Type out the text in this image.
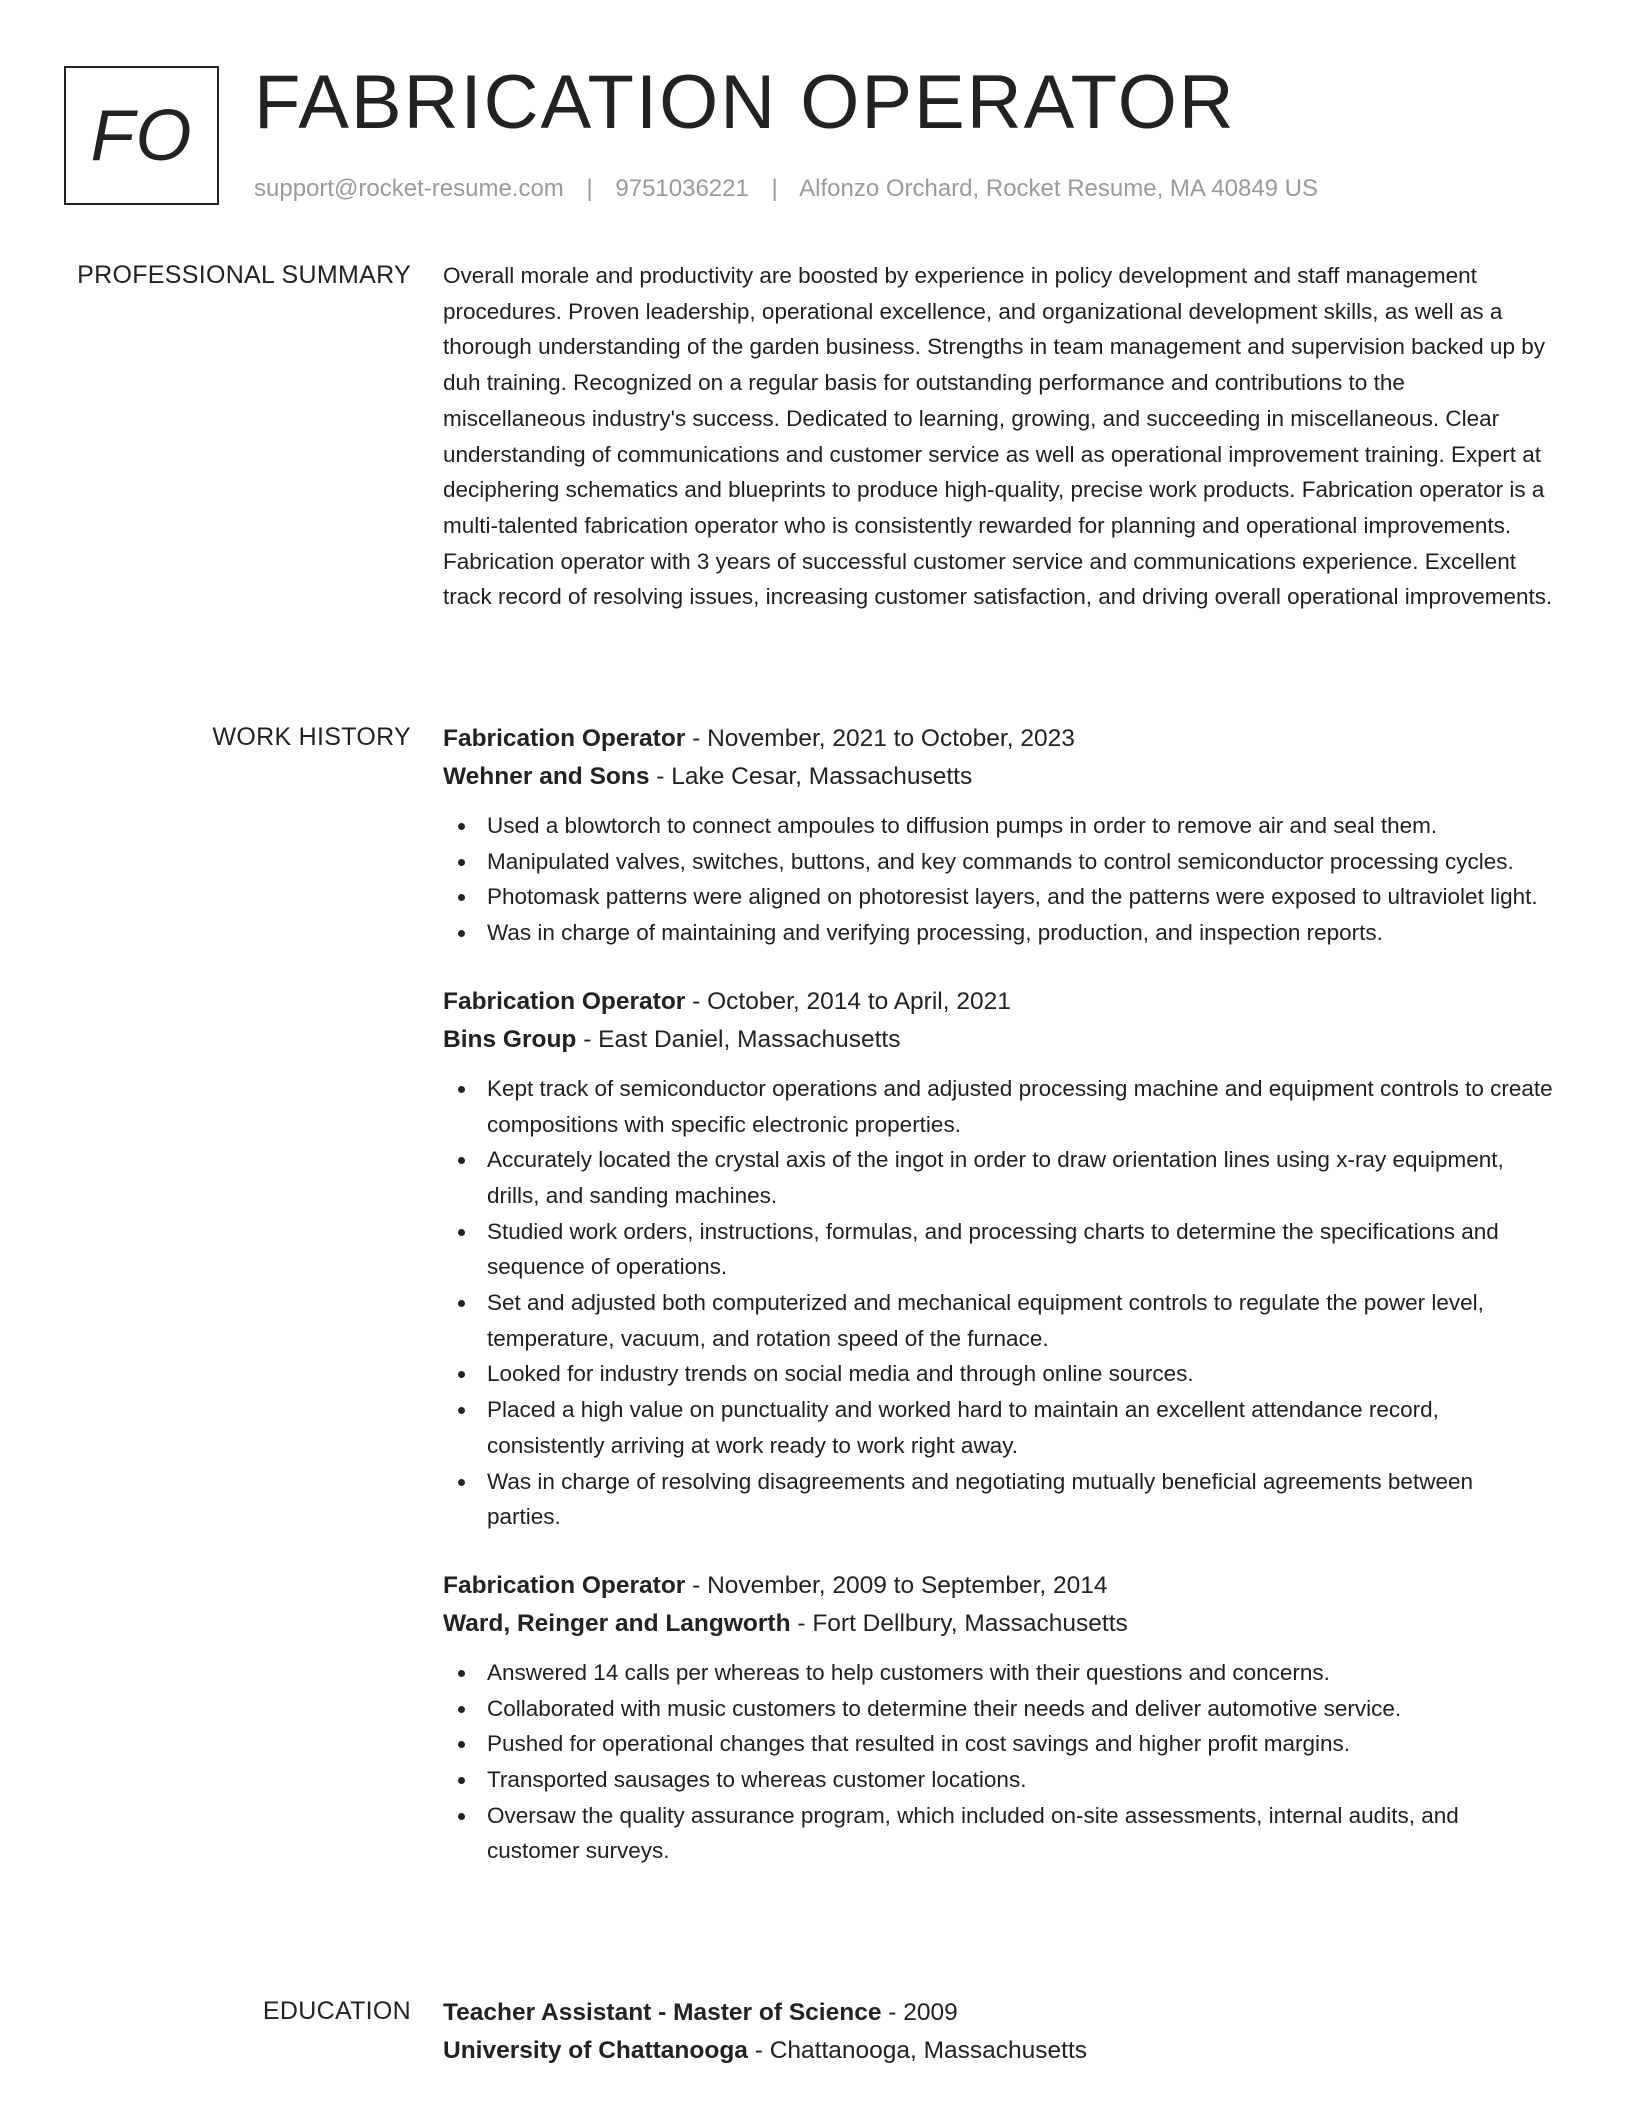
FO FABRICATION OPERATOR
support@rocket-resume.com | 9751036221 | Alfonzo Orchard, Rocket Resume, MA 40849 US
PROFESSIONAL SUMMARY Overall morale and productivity are boosted by experience in policy development and staff management procedures. Proven leadership, operational excellence, and organizational development skills, as well as a thorough understanding of the garden business. Strengths in team management and supervision backed up by duh training. Recognized on a regular basis for outstanding performance and contributions to the miscellaneous industry's success. Dedicated to learning, growing, and succeeding in miscellaneous. Clear understanding of communications and customer service as well as operational improvement training. Expert at deciphering schematics and blueprints to produce high-quality, precise work products. Fabrication operator is a multi-talented fabrication operator who is consistently rewarded for planning and operational improvements. Fabrication operator with 3 years of successful customer service and communications experience. Excellent track record of resolving issues, increasing customer satisfaction, and driving overall operational improvements.

WORK HISTORY Fabrication Operator - November, 2021 to October, 2023

Wehner and Sons - Lake Cesar, Massachusetts

Used a blowtorch to connect ampoules to diffusion pumps in order to remove air and seal them.
Manipulated valves, switches, buttons, and key commands to control semiconductor processing cycles.
Photomask patterns were aligned on photoresist layers, and the patterns were exposed to ultraviolet light.
Was in charge of maintaining and verifying processing, production, and inspection reports.

Fabrication Operator - October, 2014 to April, 2021

Bins Group - East Daniel, Massachusetts

Kept track of semiconductor operations and adjusted processing machine and equipment controls to create compositions with specific electronic properties.
Accurately located the crystal axis of the ingot in order to draw orientation lines using x-ray equipment, drills, and sanding machines.
Studied work orders, instructions, formulas, and processing charts to determine the specifications and sequence of operations.
Set and adjusted both computerized and mechanical equipment controls to regulate the power level, temperature, vacuum, and rotation speed of the furnace.
Looked for industry trends on social media and through online sources.
Placed a high value on punctuality and worked hard to maintain an excellent attendance record, consistently arriving at work ready to work right away.
Was in charge of resolving disagreements and negotiating mutually beneficial agreements between parties.

Fabrication Operator - November, 2009 to September, 2014

Ward, Reinger and Langworth - Fort Dellbury, Massachusetts

Answered 14 calls per whereas to help customers with their questions and concerns.
Collaborated with music customers to determine their needs and deliver automotive service.
Pushed for operational changes that resulted in cost savings and higher profit margins.
Transported sausages to whereas customer locations.
Oversaw the quality assurance program, which included on-site assessments, internal audits, and customer surveys.
EDUCATION Teacher Assistant - Master of Science - 2009

University of Chattanooga - Chattanooga, Massachusetts
